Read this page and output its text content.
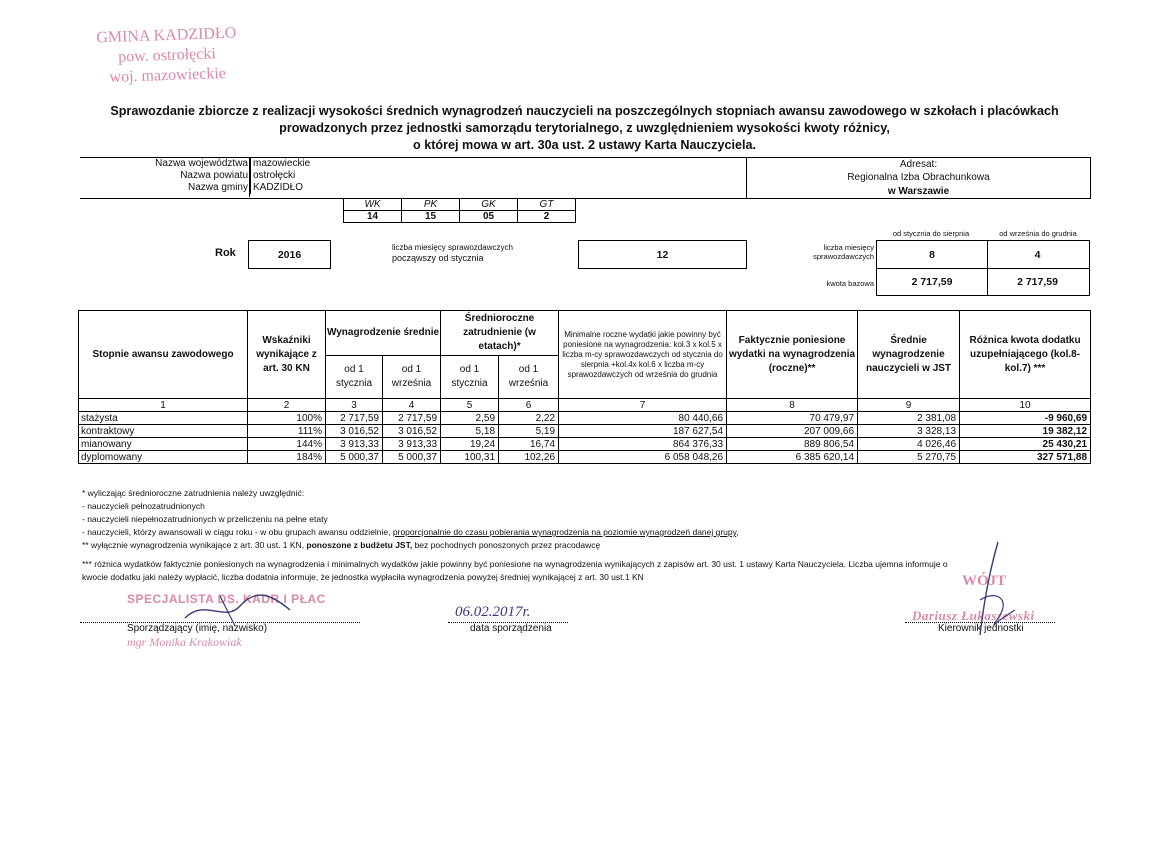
GMINA KADZIDŁO
pow. ostrołęcki
woj. mazowieckie
Sprawozdanie zbiorcze z realizacji wysokości średnich wynagrodzeń nauczycieli na poszczególnych stopniach awansu zawodowego w szkołach i placówkach
prowadzonych przez jednostki samorządu terytorialnego, z uwzględnieniem wysokości kwoty różnicy,
o której mowa w art. 30a ust. 2 ustawy Karta Nauczyciela.
Nazwa województwa	mazowieckie
Nazwa powiatu	ostrołęcki
Nazwa gminy	KADZIDŁO
Adresat:
Regionalna Izba Obrachunkowa
w Warszawie
WK	PK	GK	GT
14	15	05	2
Rok	2016
liczba miesięcy sprawozdawczych
począwszy od stycznia	12
od stycznia do sierpnia	od września do grudnia
liczba miesięcy sprawozdawczych	8	4
kwota bazowa	2 717,59	2 717,59
Stopnie awansu zawodowego	Wskaźniki wynikające z art. 30 KN	Wynagrodzenie średnie		Średnioroczne zatrudnienie (w etatach)*		Minimalne roczne wydatki jakie powinny być poniesione na wynagrodzenia: kol.3 x kol.5 x liczba m-cy sprawozdawczych od stycznia do sierpnia +kol.4x kol.6 x liczba m-cy sprawozdawczych od września do grudnia	Faktycznie poniesione wydatki na wynagrodzenia (roczne)**	Średnie wynagrodzenie nauczycieli w JST	Różnica kwota dodatku uzupełniającego (kol.8-kol.7) ***
		od 1 stycznia	od 1 września	od 1 stycznia	od 1 września				
1	2	3	4	5	6	7	8	9	10
stażysta	100%	2 717,59	2 717,59	2,59	2,22	80 440,66	70 479,97	2 381,08	-9 960,69
kontraktowy	111%	3 016,52	3 016,52	5,18	5,19	187 627,54	207 009,66	3 328,13	19 382,12
mianowany	144%	3 913,33	3 913,33	19,24	16,74	864 376,33	889 806,54	4 026,46	25 430,21
dyplomowany	184%	5 000,37	5 000,37	100,31	102,26	6 058 048,26	6 385 620,14	5 270,75	327 571,88
* wyliczając średnioroczne zatrudnienia należy uwzględnić:
- nauczycieli pełnozatrudnionych
- nauczycieli niepełnozatrudnionych w przeliczeniu na pełne etaty
- nauczycieli, którzy awansowali w ciągu roku - w obu grupach awansu oddzielnie, proporcjonalnie do czasu pobierania wynagrodzenia na poziomie wynagrodzeń danej grupy,
** wyłącznie wynagrodzenia wynikające z art. 30 ust. 1 KN, ponoszone z budżetu JST, bez pochodnych ponoszonych przez pracodawcę
*** różnica wydatków faktycznie poniesionych na wynagrodzenia i minimalnych wydatków jakie powinny być poniesione na wynagrodzenia wynikających z zapisów art. 30 ust. 1 ustawy Karta Nauczyciela. Liczba ujemna informuje o
kwocie dodatku jaki należy wypłacić, liczba dodatnia informuje, że jednostka wypłaciła wynagrodzenia powyżej średniej wynikającej z art. 30 ust.1 KN
SPECJALISTA DS. KADR I PŁAC
Sporządzający (imię, nazwisko)
mgr Monika Krakowiak
06.02.2017r.
data sporządzenia
WÓJT
Dariusz Łukaszewski
Kierownik jednostki
